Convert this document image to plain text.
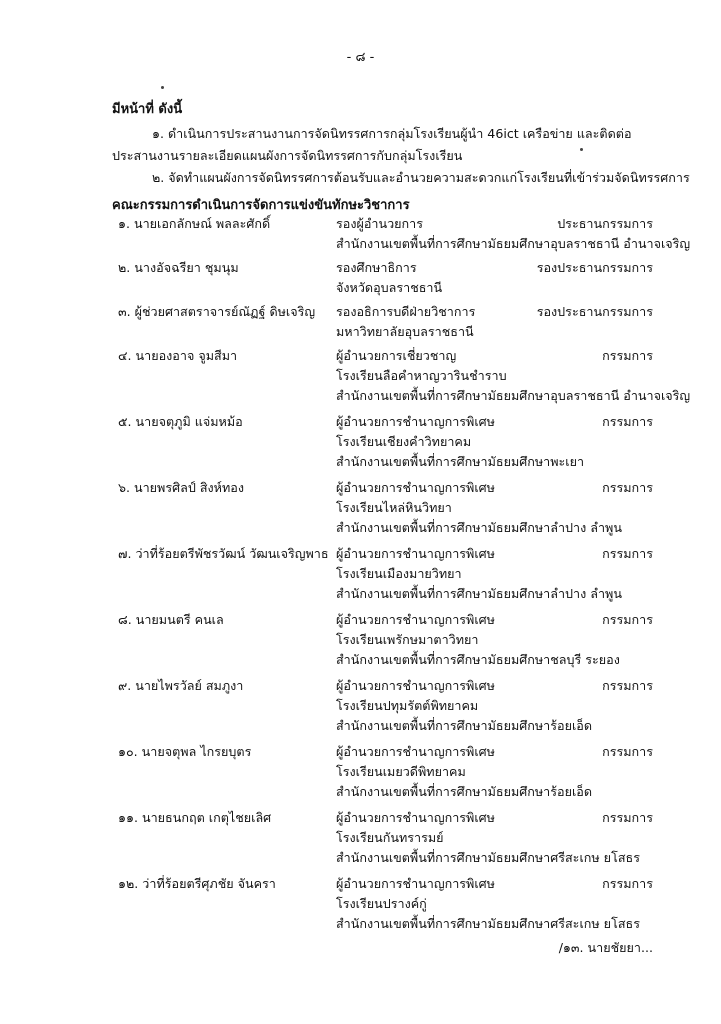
- ๘ -
มีหน้าที่ ดังนี้
๑. ดำเนินการประสานงานการจัดนิทรรศการกลุ่มโรงเรียนผู้นำ 46ict เครือข่าย และติดต่อ
ประสานงานรายละเอียดแผนผังการจัดนิทรรศการกับกลุ่มโรงเรียน
๒. จัดทำแผนผังการจัดนิทรรศการต้อนรับและอำนวยความสะดวกแก่โรงเรียนที่เข้าร่วมจัดนิทรรศการ
คณะกรรมการดำเนินการจัดการแข่งขันทักษะวิชาการ
๑. นายเอกลักษณ์ พลละศักดิ์	รองผู้อำนวยการ	ประธานกรรมการ
สำนักงานเขตพื้นที่การศึกษามัธยมศึกษาอุบลราชธานี อำนาจเจริญ
๒. นางอัจฉรียา ชุมนุม	รองศึกษาธิการ	รองประธานกรรมการ
จังหวัดอุบลราชธานี
๓. ผู้ช่วยศาสตราจารย์ณัฏฐ์ ดิษเจริญ รองอธิการบดีฝ่ายวิชาการ	รองประธานกรรมการ
มหาวิทยาลัยอุบลราชธานี
๔. นายองอาจ จูมสีมา	ผู้อำนวยการเชี่ยวชาญ	กรรมการ
โรงเรียนลือคำหาญวารินชำราบ
สำนักงานเขตพื้นที่การศึกษามัธยมศึกษาอุบลราชธานี อำนาจเจริญ
๕. นายจตุภูมิ แจ่มหม้อ	ผู้อำนวยการชำนาญการพิเศษ	กรรมการ
โรงเรียนเชียงคำวิทยาคม
สำนักงานเขตพื้นที่การศึกษามัธยมศึกษาพะเยา
๖. นายพรศิลป์ สิงห์ทอง	ผู้อำนวยการชำนาญการพิเศษ	กรรมการ
โรงเรียนไหล่หินวิทยา
สำนักงานเขตพื้นที่การศึกษามัธยมศึกษาลำปาง ลำพูน
๗. ว่าที่ร้อยตรีพัชรวัฒน์ วัฒนเจริญพาธ ผู้อำนวยการชำนาญการพิเศษ	กรรมการ
โรงเรียนเมืองมายวิทยา
สำนักงานเขตพื้นที่การศึกษามัธยมศึกษาลำปาง ลำพูน
๘. นายมนตรี คนเล	ผู้อำนวยการชำนาญการพิเศษ	กรรมการ
โรงเรียนเพรักษมาตาวิทยา
สำนักงานเขตพื้นที่การศึกษามัธยมศึกษาชลบุรี ระยอง
๙. นายไพรวัลย์ สมภูงา	ผู้อำนวยการชำนาญการพิเศษ	กรรมการ
โรงเรียนปทุมรัตต์พิทยาคม
สำนักงานเขตพื้นที่การศึกษามัธยมศึกษาร้อยเอ็ด
๑๐. นายจตุพล ไกรยบุตร	ผู้อำนวยการชำนาญการพิเศษ	กรรมการ
โรงเรียนเมยวดีพิทยาคม
สำนักงานเขตพื้นที่การศึกษามัธยมศึกษาร้อยเอ็ด
๑๑. นายธนกฤต เกตุไชยเลิศ	ผู้อำนวยการชำนาญการพิเศษ	กรรมการ
โรงเรียนกันทรารมย์
สำนักงานเขตพื้นที่การศึกษามัธยมศึกษาศรีสะเกษ ยโสธร
๑๒. ว่าที่ร้อยตรีศุภชัย จันครา	ผู้อำนวยการชำนาญการพิเศษ	กรรมการ
โรงเรียนปรางค์กู่
สำนักงานเขตพื้นที่การศึกษามัธยมศึกษาศรีสะเกษ ยโสธร
/๑๓. นายชัยยา...
